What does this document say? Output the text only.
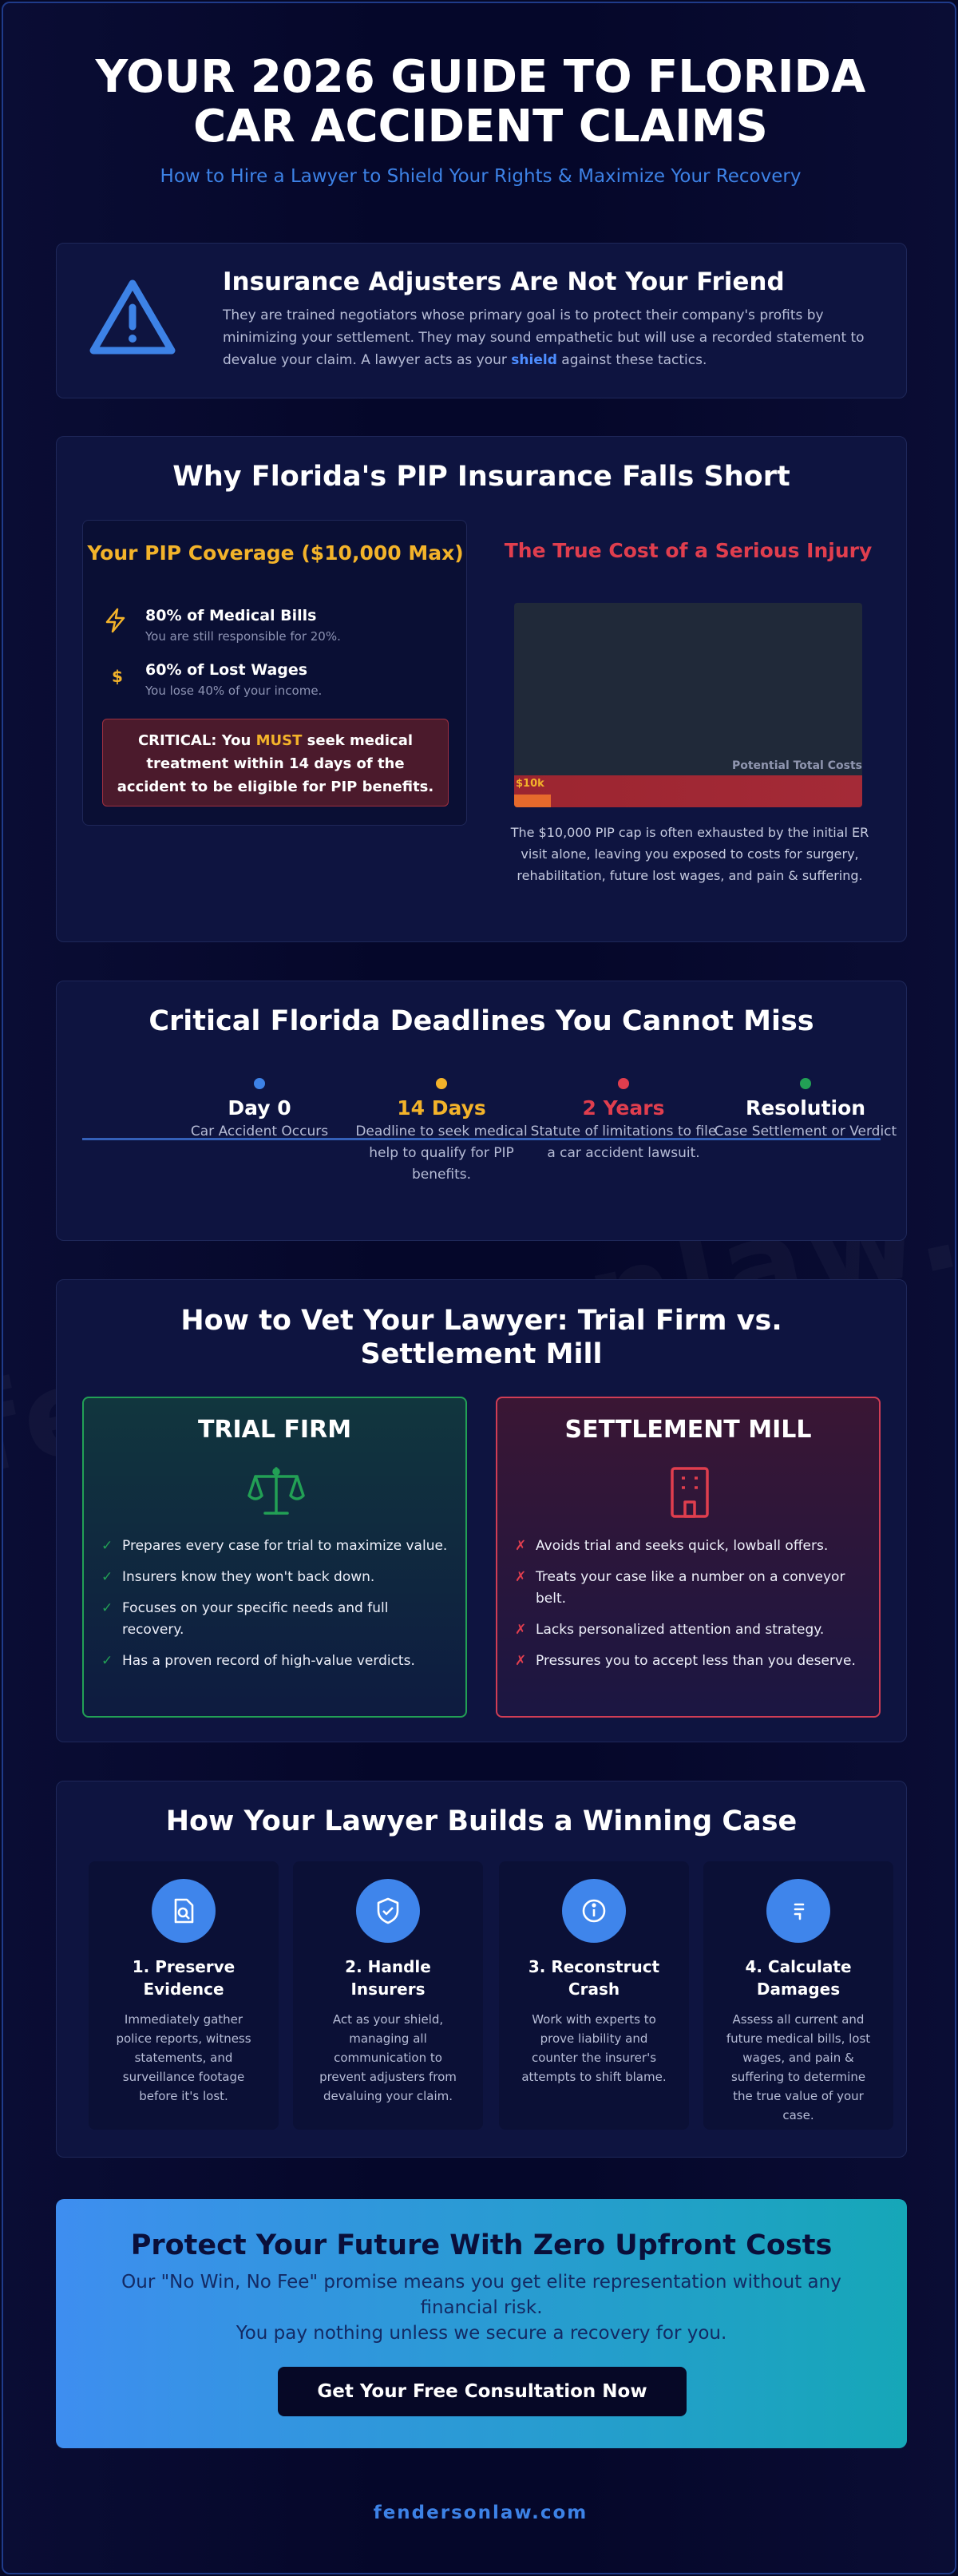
YOUR 2026 GUIDE TO FLORIDA
CAR ACCIDENT CLAIMS
How to Hire a Lawyer to Shield Your Rights & Maximize Your Recovery
Insurance Adjusters Are Not Your Friend

They are trained negotiators whose primary goal is to protect their company's profits by minimizing your settlement. They may sound empathetic but will use a recorded statement to devalue your claim. A lawyer acts as your shield against these tactics.

Why Florida's PIP Insurance Falls Short
Your PIP Coverage ($10,000 Max)
80% of Medical Bills
You are still responsible for 20%.
$ 60% of Lost Wages
You lose 40% of your income.
CRITICAL: You MUST seek medical treatment within 14 days of the accident to be eligible for PIP benefits.
The True Cost of a Serious Injury
Potential Total Costs
$10k
The $10,000 PIP cap is often exhausted by the initial ER visit alone, leaving you exposed to costs for surgery, rehabilitation, future lost wages, and pain & suffering.
Critical Florida Deadlines You Cannot Miss
Day 0
Car Accident Occurs
14 Days
Deadline to seek medical help to qualify for PIP benefits.
2 Years
Statute of limitations to file a car accident lawsuit.
Resolution
Case Settlement or Verdict
How to Vet Your Lawyer: Trial Firm vs.
Settlement Mill
TRIAL FIRM
✓ Prepares every case for trial to maximize value.
✓ Insurers know they won't back down.
✓ Focuses on your specific needs and full recovery.
✓ Has a proven record of high-value verdicts.
SETTLEMENT MILL
✗ Avoids trial and seeks quick, lowball offers.
✗ Treats your case like a number on a conveyor belt.
✗ Lacks personalized attention and strategy.
✗ Pressures you to accept less than you deserve.
How Your Lawyer Builds a Winning Case
1. Preserve Evidence

Immediately gather police reports, witness statements, and surveillance footage before it's lost.

2. Handle Insurers

Act as your shield, managing all communication to prevent adjusters from devaluing your claim.

3. Reconstruct Crash

Work with experts to prove liability and counter the insurer's attempts to shift blame.

4. Calculate Damages

Assess all current and future medical bills, lost wages, and pain & suffering to determine the true value of your case.

Protect Your Future With Zero Upfront Costs

Our "No Win, No Fee" promise means you get elite representation without any financial risk.
You pay nothing unless we secure a recovery for you.

Get Your Free Consultation Now
fendersonlaw.com
